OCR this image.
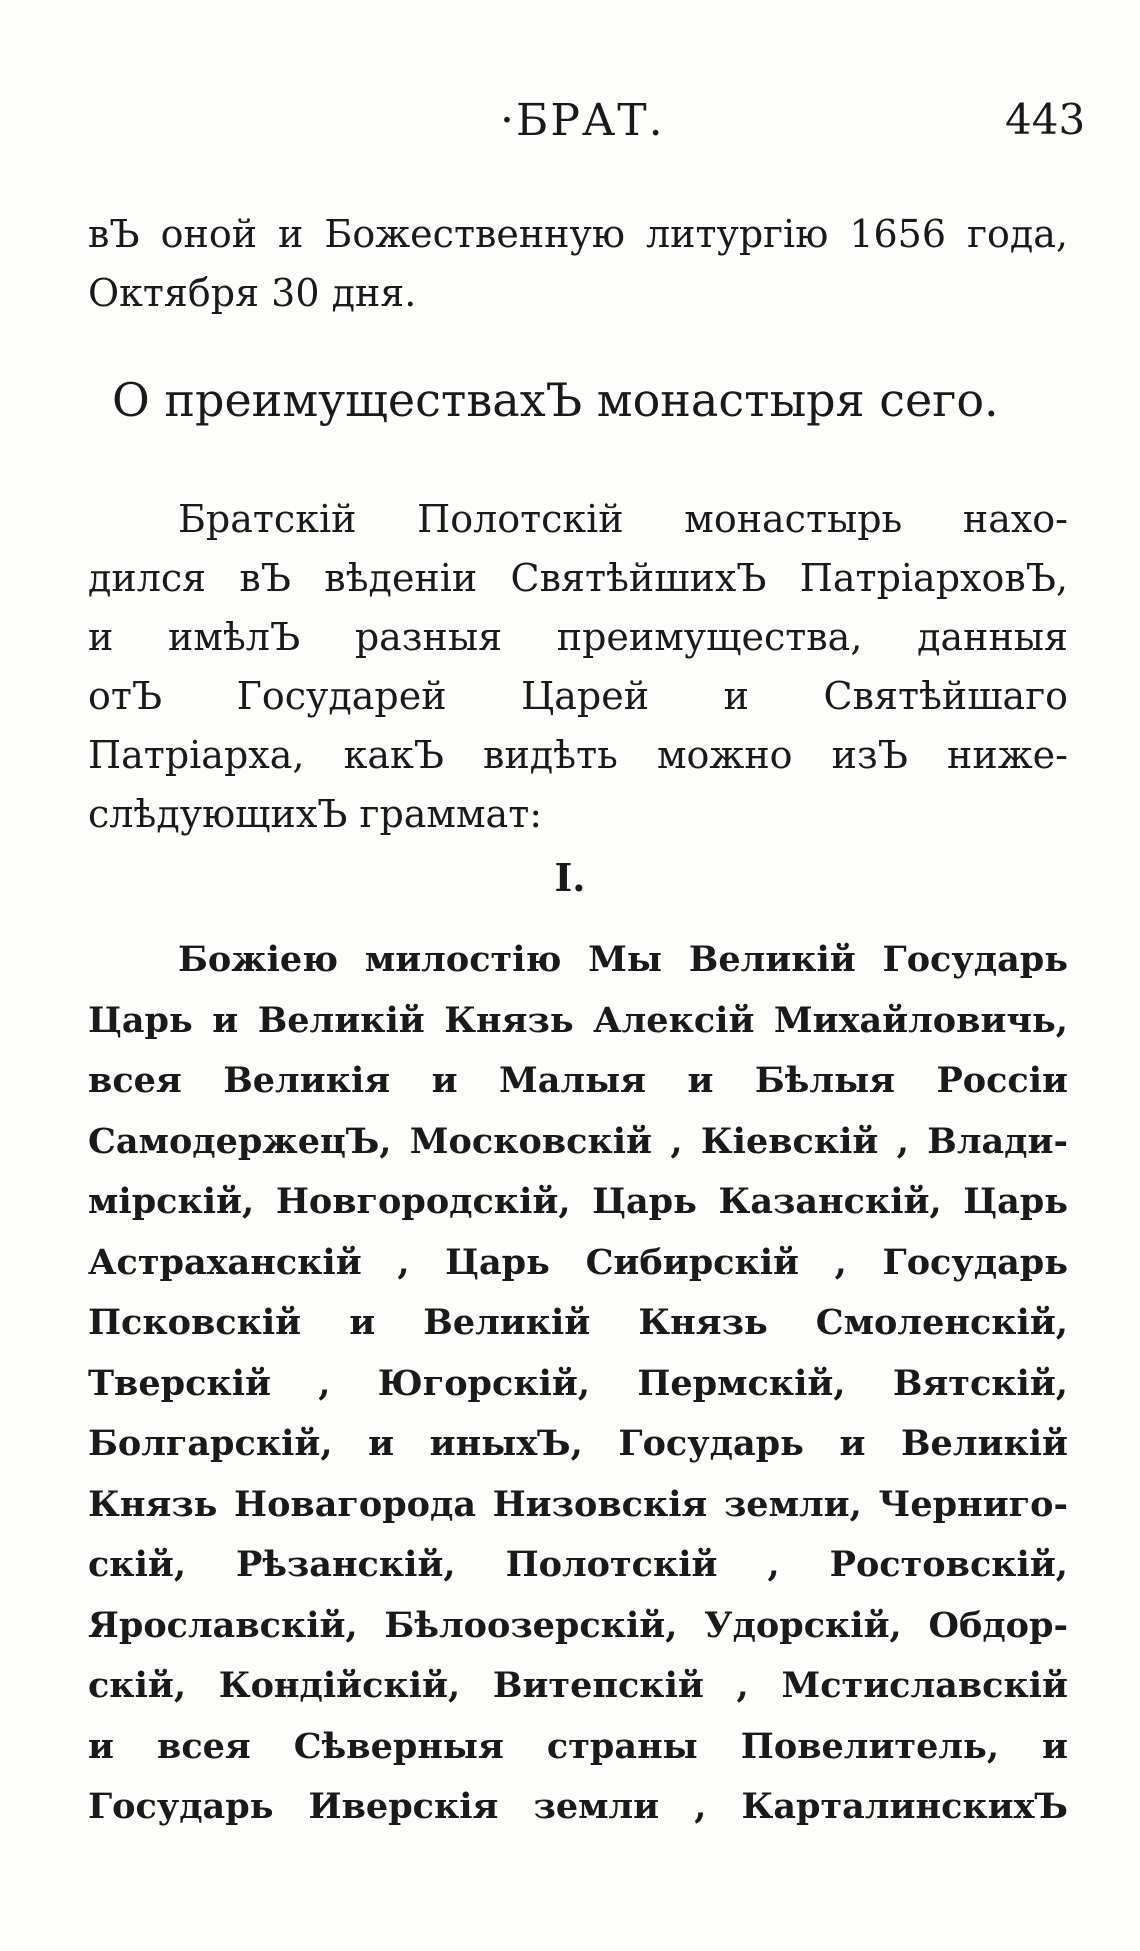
·БРАТ.	443
вЪ оной и Божественную литургію 1656 года,
Октября 30 дня.
О преимуществахЪ монастыря сего.
Братскій Полотскій монастырь нахо-
дился вЪ вѣденіи СвятѣйшихЪ ПатріарховЪ,
и имѣлЪ разныя преимущества, данныя
отЪ Государей Царей и Святѣйшаго
Патріарха, какЪ видѣть можно изЪ ниже-
слѣдующихЪ граммат:
I.
Божіею милостію Мы Великій Государь
Царь и Великій Князь Алексій Михайловичь,
всея Великія и Малыя и Бѣлыя Россіи
СамодержецЪ, Московскій , Кіевскій , Влади-
мірскій, Новгородскій, Царь Казанскій, Царь
Астраханскій , Царь Сибирскій , Государь
Псковскій и Великій Князь Смоленскій,
Тверскій , Югорскій, Пермскій, Вятскій,
Болгарскій, и иныхЪ, Государь и Великій
Князь Новагорода Низовскія земли, Черниго-
скій, Рѣзанскій, Полотскій , Ростовскій,
Ярославскій, Бѣлоозерскій, Удорскій, Обдор-
скій, Кондійскій, Витепскій , Мстиславскій
и всея Сѣверныя страны Повелитель, и
Государь Иверскія земли , КарталинскихЪ
